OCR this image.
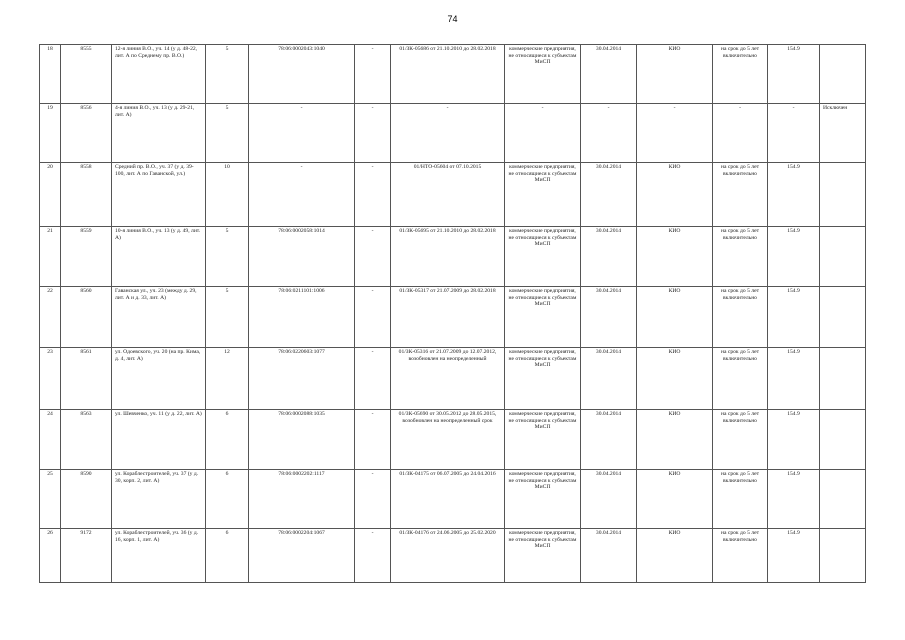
74
18	8555	12-я линия В.О., уч. 14 (у д. 48-22, лит. А по Среднему пр. В.О.)	5	78:06:0002043:1040	-	01/ЗК-05686 от 21.10.2010 до 28.02.2018	коммерческие предприятия, не относящиеся к субъектам МиСП	30.04.2014	КИО	на срок до 5 лет включительно	154.9	
19	8556	4-я линия В.О., уч. 13 (у д. 29-21, лит. А)	5	-	-	-	-	-	-	-	-	Исключен
20	8558	Средний пр. В.О., уч. 37 (у д. 39-100, лит. А по Гаванской, ул.)	10	-	-	01/НТО-05604 от 07.10.2015	коммерческие предприятия, не относящиеся к субъектам МиСП	30.04.2014	КИО	на срок до 5 лет включительно	154.9	
21	8559	10-я линия В.О., уч. 13 (у д. 49, лит. А)	5	78:06:0002058:1014	-	01/ЗК-05695 от 21.10.2010 до 28.02.2018	коммерческие предприятия, не относящиеся к субъектам МиСП	30.04.2014	КИО	на срок до 5 лет включительно	154.9	
22	8560	Гаванская ул., уч. 23 (между д. 29, лит. А и д. 33, лит. А)	5	78:06:0211101:1006	-	01/ЗК-05317 от 21.07.2009 до 28.02.2018	коммерческие предприятия, не относящиеся к субъектам МиСП	30.04.2014	КИО	на срок до 5 лет включительно	154.9	
23	8561	ул. Одоевского, уч. 20 (на пр. Кима, д. 4, лит. А)	12	78:06:0220603:1077	-	01/ЗК-05316 от 21.07.2009 до 12.07.2012, возобновлен на неопределенный	коммерческие предприятия, не относящиеся к субъектам МиСП	30.04.2014	КИО	на срок до 5 лет включительно	154.9	
24	8563	ул. Шевченко, уч. 11 (у д. 22, лит. А)	6	78:06:0002088:1035	-	01/ЗК-05690 от 30.05.2012 до 28.05.2015, возобновлен на неопределенный срок	коммерческие предприятия, не относящиеся к субъектам МиСП	30.04.2014	КИО	на срок до 5 лет включительно	154.9	
25	8590	ул. Кораблестроителей, уч. 37 (у д. 30, корп. 2, лит. А)	6	78:06:0002202:1117	-	01/ЗК-04175 от 06.07.2005 до 24.04.2016	коммерческие предприятия, не относящиеся к субъектам МиСП	30.04.2014	КИО	на срок до 5 лет включительно	154.9	
26	9172	ул. Кораблестроителей, уч. 36 (у д. 16, корп. 1, лит. А)	6	78:06:0002204:1067	-	01/ЗК-04176 от 24.06.2005 до 25.02.2020	коммерческие предприятия, не относящиеся к субъектам МиСП	30.04.2014	КИО	на срок до 5 лет включительно	154.9	
